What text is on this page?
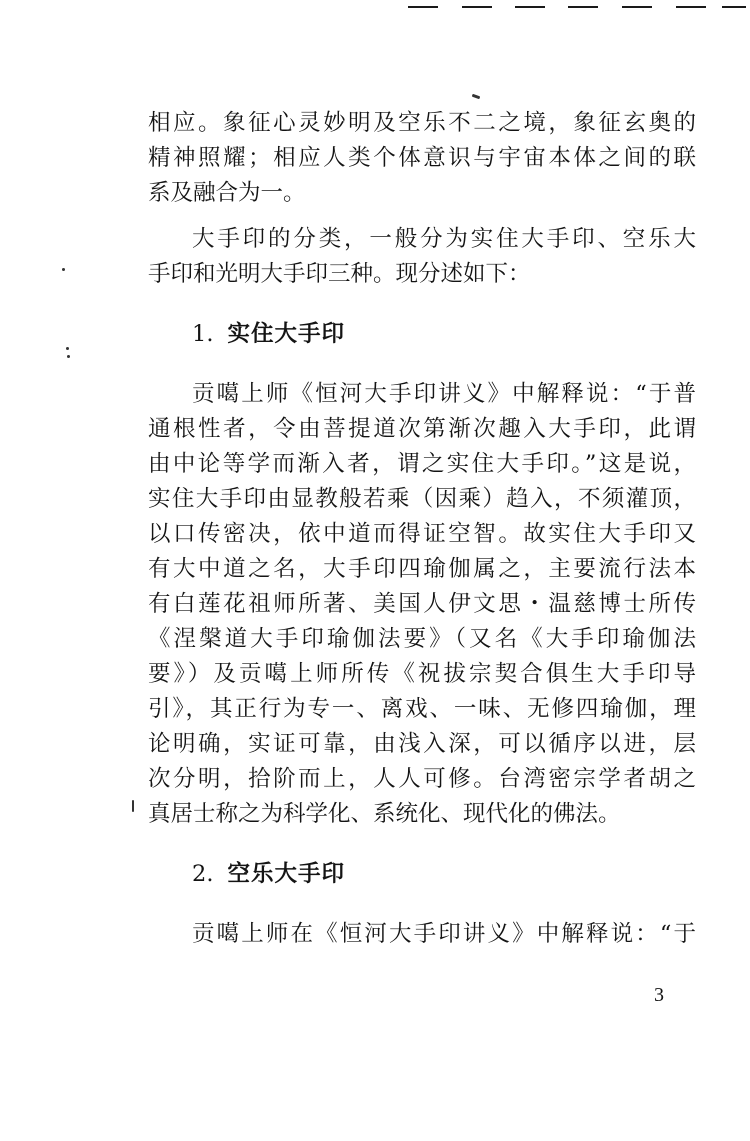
相应。象征心灵妙明及空乐不二之境，象征玄奥的
精神照耀；相应人类个体意识与宇宙本体之间的联
系及融合为一。
大手印的分类，一般分为实住大手印、空乐大
手印和光明大手印三种。现分述如下：
1. 实住大手印
贡噶上师《恒河大手印讲义》中解释说：“于普
通根性者，令由菩提道次第渐次趣入大手印，此谓
由中论等学而渐入者，谓之实住大手印。”这是说，
实住大手印由显教般若乘（因乘）趋入，不须灌顶，
以口传密决，依中道而得证空智。故实住大手印又
有大中道之名，大手印四瑜伽属之，主要流行法本
有白莲花祖师所著、美国人伊文思・温慈博士所传
《涅槃道大手印瑜伽法要》（又名《大手印瑜伽法
要》）及贡噶上师所传《祝拔宗契合俱生大手印导
引》，其正行为专一、离戏、一味、无修四瑜伽，理
论明确，实证可靠，由浅入深，可以循序以进，层
次分明，拾阶而上，人人可修。台湾密宗学者胡之
真居士称之为科学化、系统化、现代化的佛法。
2. 空乐大手印
贡噶上师在《恒河大手印讲义》中解释说：“于
3
